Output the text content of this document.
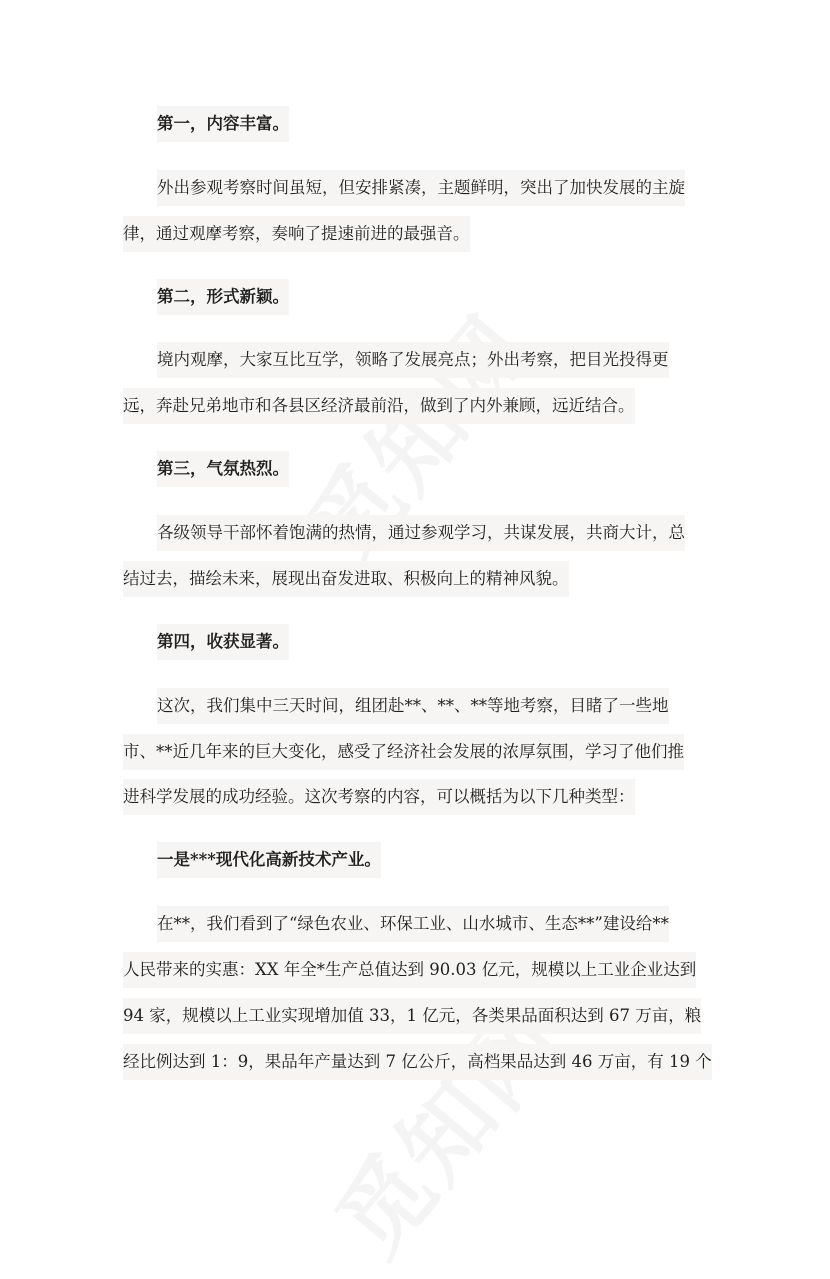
第一，内容丰富。
外出参观考察时间虽短，但安排紧凑，主题鲜明，突出了加快发展的主旋
律，通过观摩考察，奏响了提速前进的最强音。
第二，形式新颖。
境内观摩，大家互比互学，领略了发展亮点；外出考察，把目光投得更
远，奔赴兄弟地市和各县区经济最前沿，做到了内外兼顾，远近结合。
第三，气氛热烈。
各级领导干部怀着饱满的热情，通过参观学习，共谋发展，共商大计，总
结过去，描绘未来，展现出奋发进取、积极向上的精神风貌。
第四，收获显著。
这次，我们集中三天时间，组团赴**、**、**等地考察，目睹了一些地
市、**近几年来的巨大变化，感受了经济社会发展的浓厚氛围，学习了他们推
进科学发展的成功经验。这次考察的内容，可以概括为以下几种类型：
一是***现代化高新技术产业。
在**，我们看到了“绿色农业、环保工业、山水城市、生态**”建设给**
人民带来的实惠：XX 年全*生产总值达到 90.03 亿元，规模以上工业企业达到
94 家，规模以上工业实现增加值 33，1 亿元，各类果品面积达到 67 万亩，粮
经比例达到 1：9，果品年产量达到 7 亿公斤，高档果品达到 46 万亩，有 19 个
